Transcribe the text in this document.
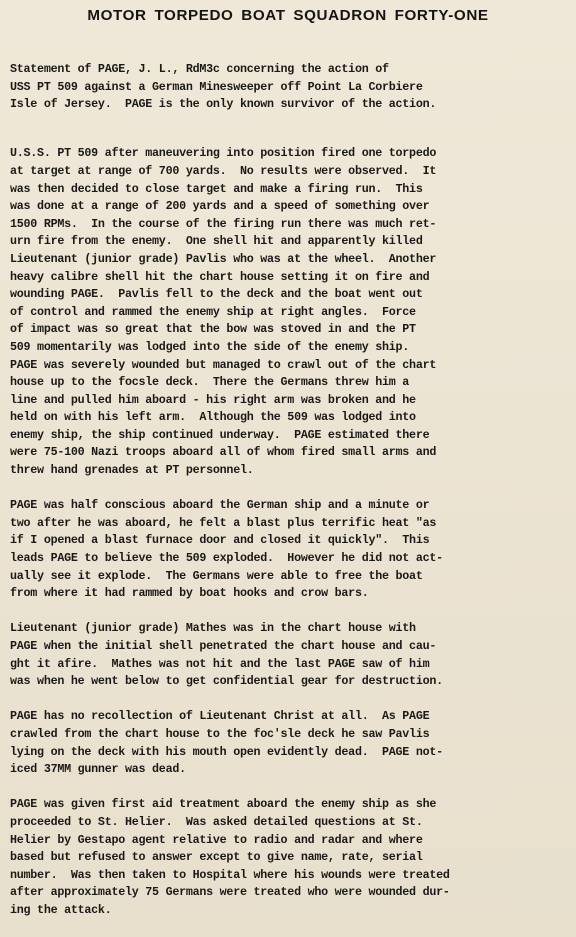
MOTOR TORPEDO BOAT SQUADRON FORTY-ONE

Statement of PAGE, J. L., RdM3c concerning the action of
USS PT 509 against a German Minesweeper off Point La Corbiere
Isle of Jersey.  PAGE is the only known survivor of the action.

U.S.S. PT 509 after maneuvering into position fired one torpedo
at target at range of 700 yards.  No results were observed.  It
was then decided to close target and make a firing run.  This
was done at a range of 200 yards and a speed of something over
1500 RPMs.  In the course of the firing run there was much ret-
urn fire from the enemy.  One shell hit and apparently killed
Lieutenant (junior grade) Pavlis who was at the wheel.  Another
heavy calibre shell hit the chart house setting it on fire and
wounding PAGE.  Pavlis fell to the deck and the boat went out
of control and rammed the enemy ship at right angles.  Force
of impact was so great that the bow was stoved in and the PT
509 momentarily was lodged into the side of the enemy ship.
PAGE was severely wounded but managed to crawl out of the chart
house up to the focsle deck.  There the Germans threw him a
line and pulled him aboard - his right arm was broken and he
held on with his left arm.  Although the 509 was lodged into
enemy ship, the ship continued underway.  PAGE estimated there
were 75-100 Nazi troops aboard all of whom fired small arms and
threw hand grenades at PT personnel.

PAGE was half conscious aboard the German ship and a minute or
two after he was aboard, he felt a blast plus terrific heat "as
if I opened a blast furnace door and closed it quickly".  This
leads PAGE to believe the 509 exploded.  However he did not act-
ually see it explode.  The Germans were able to free the boat
from where it had rammed by boat hooks and crow bars.

Lieutenant (junior grade) Mathes was in the chart house with
PAGE when the initial shell penetrated the chart house and cau-
ght it afire.  Mathes was not hit and the last PAGE saw of him
was when he went below to get confidential gear for destruction.

PAGE has no recollection of Lieutenant Christ at all.  As PAGE
crawled from the chart house to the foc'sle deck he saw Pavlis
lying on the deck with his mouth open evidently dead.  PAGE not-
iced 37MM gunner was dead.

PAGE was given first aid treatment aboard the enemy ship as she
proceeded to St. Helier.  Was asked detailed questions at St.
Helier by Gestapo agent relative to radio and radar and where
based but refused to answer except to give name, rate, serial
number.  Was then taken to Hospital where his wounds were treated
after approximately 75 Germans were treated who were wounded dur-
ing the attack.
